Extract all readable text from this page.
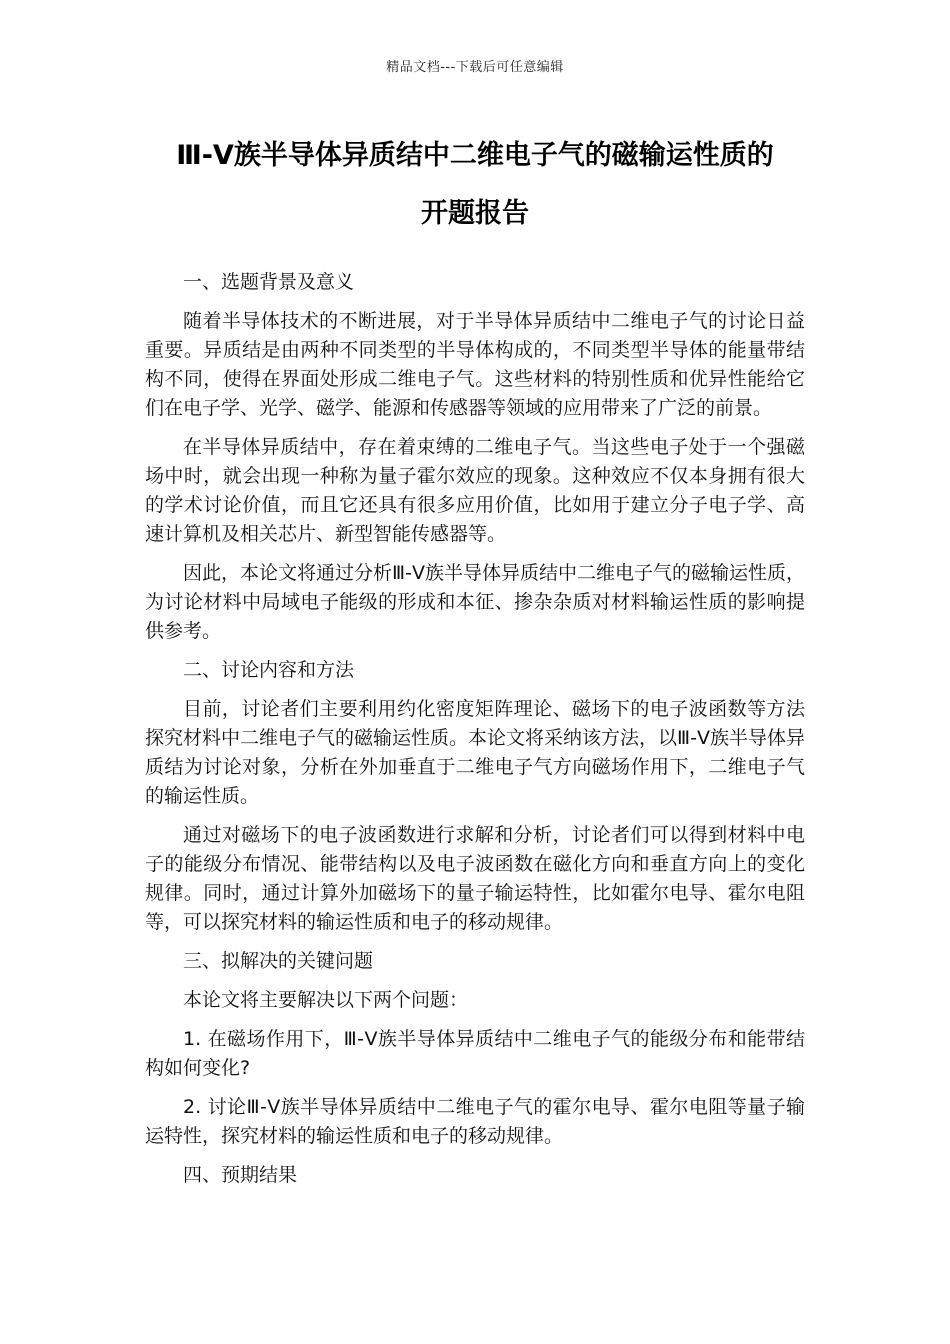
精品文档---下载后可任意编辑
Ⅲ-Ⅴ族半导体异质结中二维电子气的磁输运性质的
开题报告

一、选题背景及意义

随着半导体技术的不断进展，对于半导体异质结中二维电子气的讨论日益重要。异质结是由两种不同类型的半导体构成的，不同类型半导体的能量带结构不同，使得在界面处形成二维电子气。这些材料的特别性质和优异性能给它们在电子学、光学、磁学、能源和传感器等领域的应用带来了广泛的前景。

在半导体异质结中，存在着束缚的二维电子气。当这些电子处于一个强磁场中时，就会出现一种称为量子霍尔效应的现象。这种效应不仅本身拥有很大的学术讨论价值，而且它还具有很多应用价值，比如用于建立分子电子学、高速计算机及相关芯片、新型智能传感器等。

因此，本论文将通过分析Ⅲ-Ⅴ族半导体异质结中二维电子气的磁输运性质，为讨论材料中局域电子能级的形成和本征、掺杂杂质对材料输运性质的影响提供参考。

二、讨论内容和方法

目前，讨论者们主要利用约化密度矩阵理论、磁场下的电子波函数等方法探究材料中二维电子气的磁输运性质。本论文将采纳该方法，以Ⅲ-Ⅴ族半导体异质结为讨论对象，分析在外加垂直于二维电子气方向磁场作用下，二维电子气的输运性质。

通过对磁场下的电子波函数进行求解和分析，讨论者们可以得到材料中电子的能级分布情况、能带结构以及电子波函数在磁化方向和垂直方向上的变化规律。同时，通过计算外加磁场下的量子输运特性，比如霍尔电导、霍尔电阻等，可以探究材料的输运性质和电子的移动规律。

三、拟解决的关键问题

本论文将主要解决以下两个问题：

1. 在磁场作用下，Ⅲ-Ⅴ族半导体异质结中二维电子气的能级分布和能带结构如何变化?

2. 讨论Ⅲ-Ⅴ族半导体异质结中二维电子气的霍尔电导、霍尔电阻等量子输运特性，探究材料的输运性质和电子的移动规律。

四、预期结果
